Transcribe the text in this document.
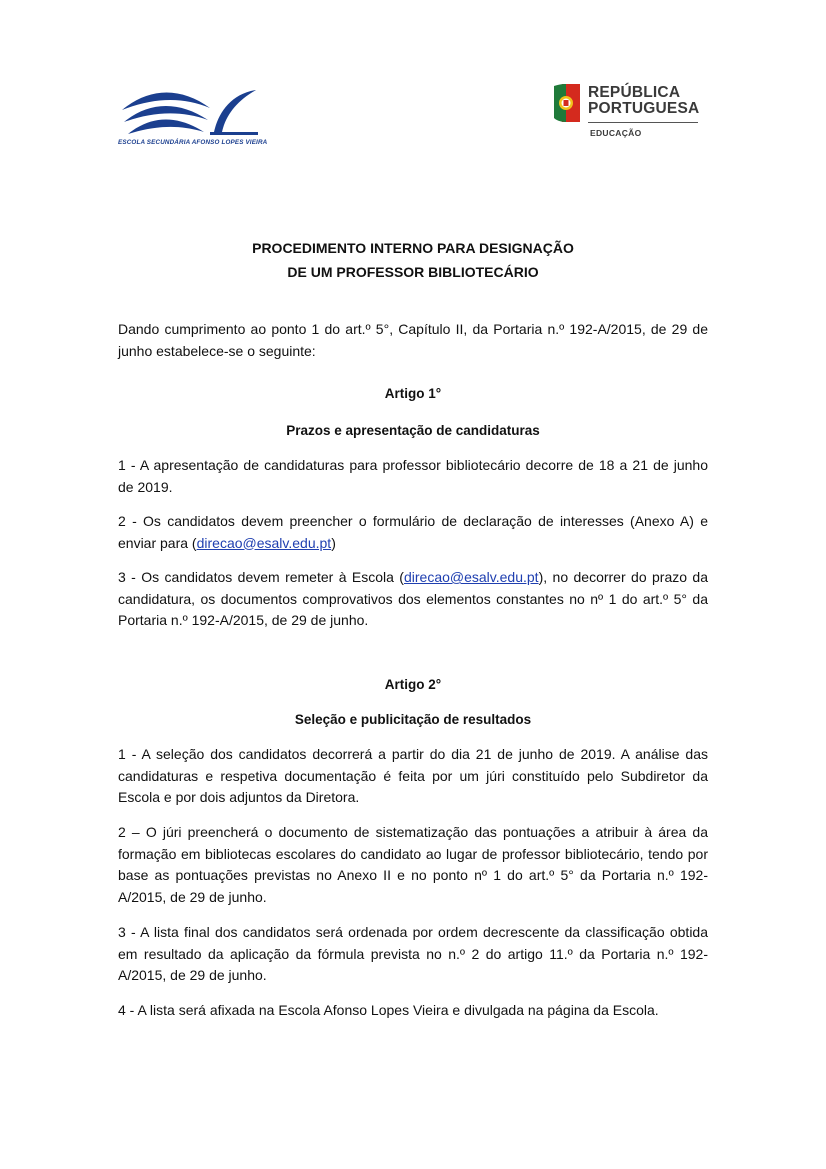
ESCOLA SECUNDÁRIA AFONSO LOPES VIEIRA
REPÚBLICA
PORTUGUESA
EDUCAÇÃO
PROCEDIMENTO INTERNO PARA DESIGNAÇÃO
DE UM PROFESSOR BIBLIOTECÁRIO

Dando cumprimento ao ponto 1 do art.º 5°, Capítulo II, da Portaria n.º 192-A/2015, de 29 de junho estabelece-se o seguinte:

Artigo 1°
Prazos e apresentação de candidaturas

1 - A apresentação de candidaturas para professor bibliotecário decorre de 18 a 21 de junho de 2019.

2 - Os candidatos devem preencher o formulário de declaração de interesses (Anexo A) e enviar para (direcao@esalv.edu.pt)

3 - Os candidatos devem remeter à Escola (direcao@esalv.edu.pt), no decorrer do prazo da candidatura, os documentos comprovativos dos elementos constantes no nº 1 do art.º 5° da Portaria n.º 192-A/2015, de 29 de junho.

Artigo 2°
Seleção e publicitação de resultados

1 - A seleção dos candidatos decorrerá a partir do dia 21 de junho de 2019. A análise das candidaturas e respetiva documentação é feita por um júri constituído pelo Subdiretor da Escola e por dois adjuntos da Diretora.

2 – O júri preencherá o documento de sistematização das pontuações a atribuir à área da formação em bibliotecas escolares do candidato ao lugar de professor bibliotecário, tendo por base as pontuações previstas no Anexo II e no ponto nº 1 do art.º 5° da Portaria n.º 192-A/2015, de 29 de junho.

3 - A lista final dos candidatos será ordenada por ordem decrescente da classificação obtida em resultado da aplicação da fórmula prevista no n.º 2 do artigo 11.º da Portaria n.º 192-A/2015, de 29 de junho.

4 - A lista será afixada na Escola Afonso Lopes Vieira e divulgada na página da Escola.
